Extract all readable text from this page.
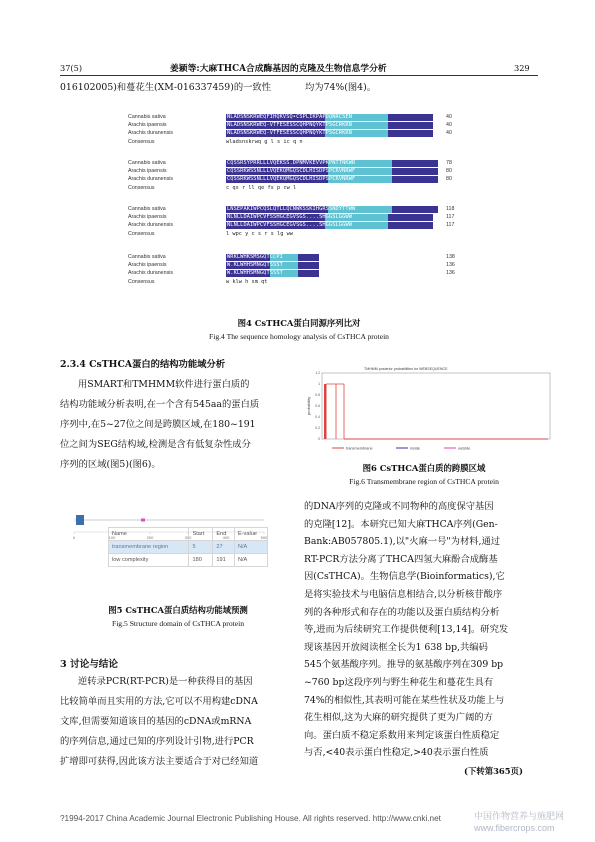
37(5)	姜颖等:大麻THCA合成酶基因的克隆及生物信息学分析	329
016102005)和蔓花生(XM-016337459)的一致性	均为74%(图4)。
Cannabis sativa	NLADSNSKRWEQFIHQKVSQ•CSPLIKPAPDQNRCSEN	40
Arachis ipaensis	NLADSNSKRWEQ-VTFESESSCQHPNQYKTPSGCRKRN	40
Arachis duranensis	NLADSNSKRWEQ-VTFESESSCQHPNQYKTPSGCRKRN	40
Consensus	wladsnskrwq g l s ic q n
Cannabis sativa	CQSSRSYPRRLLLVQEKSS.DPNMVKEVVPKPNTTNKWR	78
Arachis ipaensis	CQSSRKWSSNLLLVQEKQMGQSCDLHISDPSPCRVNRWF	80
Arachis duranensis	CQSSRKWSSNLLLVQEKQMGQSCDLHISDPSPCRVNRWF	80
Consensus	c qs r ll qe fs p cw l
Cannabis sativa	LNSEPAKIWPCQSLQTLLQCNWKSSKIHGRSSNDYTTWW	118
Arachis ipaensis	NLNLLDAIWPCVFSSHGCEGVSGS....SHGGSLGGWW	117
Arachis duranensis	NLNLLDAIWPCVFSSHGCEGVSGS....SHGGSLGGWW	117
Consensus	l wpc y c s r s lg ww
Cannabis sativa	WRKLWHKSMSGQTCCPI	138
Arachis ipaensis	W.KLWHHSMNGQTSSST	136
Arachis duranensis	W.KLWHHSMNGQTSSST	136
Consensus	w klw h sm qt
图4 CsTHCA蛋白同源序列比对
Fig.4 The sequence homology analysis of CsTHCA protein
2.3.4 CsTHCA蛋白的结构功能域分析
用SMART和TMHMM软件进行蛋白质的
结构功能域分析表明,在一个含有545aa的蛋白质
序列中,在5~27位之间是跨膜区域,在180~191
位之间为SEG结构域,检测是含有低复杂性成分
序列的区域(图5)(图6)。
TMHMM posterior probabilities for WEBSEQUENCE
probability
1.2
1
0.8
0.6
0.4
0.2
0
transmembrane	inside	outside
图6 CsTHCA蛋白质的跨膜区域
Fig.6 Transmembrane region of CsTHCA protein
0	100	200	300	400	500
Name	Start	End	E-value
transmembrane region	5	27	N/A
low complexity	180	191	N/A
图5 CsTHCA蛋白质结构功能域预测
Fig.5 Structure domain of CsTHCA protein
3 讨论与结论
逆转录PCR(RT-PCR)是一种获得目的基因
比较简单而且实用的方法,它可以不用构建cDNA
文库,但需要知道该目的基因的cDNA或mRNA
的序列信息,通过已知的序列设计引物,进行PCR
扩增即可获得,因此该方法主要适合于对已经知道
的DNA序列的克隆或不同物种的高度保守基因
的克隆[12]。本研究已知大麻THCA序列(Gen-
Bank:AB057805.1),以"火麻一号"为材料,通过
RT-PCR方法分离了THCA四氢大麻酚合成酶基
因(CsTHCA)。生物信息学(Bioinformatics),它
是将实验技术与电脑信息相结合,以分析核苷酸序
列的各种形式和存在的功能以及蛋白质结构分析
等,进而为后续研究工作提供便利[13,14]。研究发
现该基因开放阅读框全长为1 638 bp,共编码
545个氨基酸序列。推导的氨基酸序列在309 bp
~760 bp这段序列与野生种花生和蔓花生具有
74%的相似性,其表明可能在某些性状及功能上与
花生相似,这为大麻的研究提供了更为广阔的方
向。蛋白质不稳定系数用来判定该蛋白性质稳定
与否,<40表示蛋白性稳定,>40表示蛋白性质
(下转第365页)
?1994-2017 China Academic Journal Electronic Publishing House. All rights reserved. http://www.cnki.net	中国作物营养与施肥网 www.fibercrops.com
